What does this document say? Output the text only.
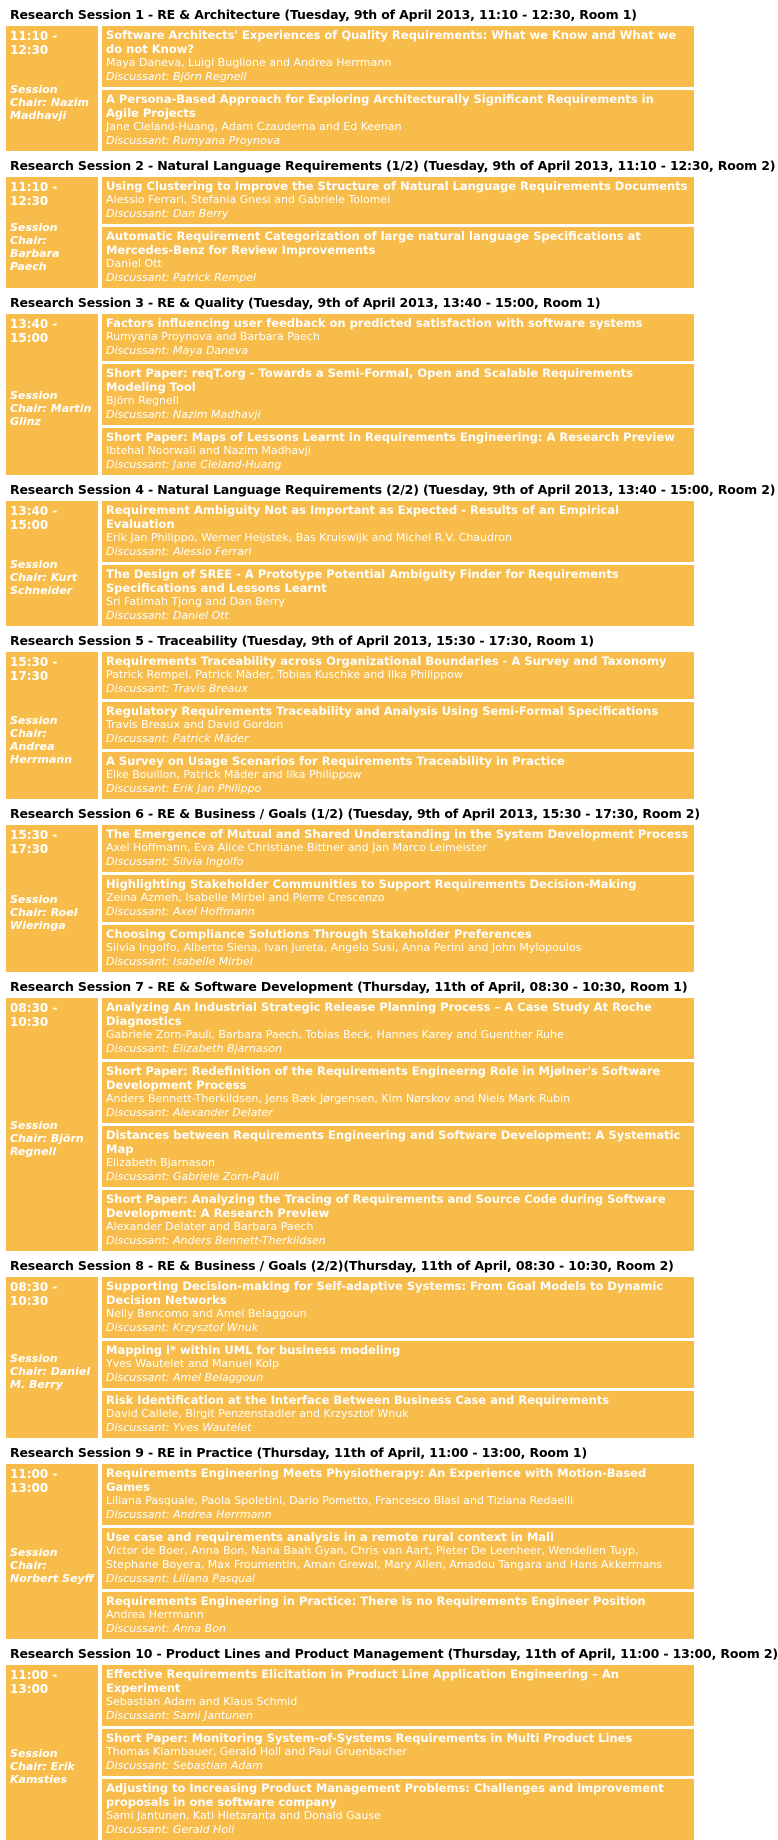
Research Session 1 - RE & Architecture (Tuesday, 9th of April 2013, 11:10 - 12:30, Room 1)
11:10 - 12:30
Session Chair: Nazim Madhavji
Software Architects' Experiences of Quality Requirements: What we Know and What we do not Know?
Maya Daneva, Luigi Buglione and Andrea Herrmann
Discussant: Björn Regnell
A Persona-Based Approach for Exploring Architecturally Significant Requirements in Agile Projects
Jane Cleland-Huang, Adam Czauderna and Ed Keenan
Discussant: Rumyana Proynova
Research Session 2 - Natural Language Requirements (1/2) (Tuesday, 9th of April 2013, 11:10 - 12:30, Room 2)
11:10 - 12:30
Session Chair: Barbara Paech
Using Clustering to Improve the Structure of Natural Language Requirements Documents
Alessio Ferrari, Stefania Gnesi and Gabriele Tolomei
Discussant: Dan Berry
Automatic Requirement Categorization of large natural language Specifications at Mercedes-Benz for Review Improvements
Daniel Ott
Discussant: Patrick Rempel
Research Session 3 - RE & Quality (Tuesday, 9th of April 2013, 13:40 - 15:00, Room 1)
13:40 - 15:00
Session Chair: Martin Glinz
Factors influencing user feedback on predicted satisfaction with software systems
Rumyana Proynova and Barbara Paech
Discussant: Maya Daneva
Short Paper: reqT.org - Towards a Semi-Formal, Open and Scalable Requirements Modeling Tool
Björn Regnell
Discussant: Nazim Madhavji
Short Paper: Maps of Lessons Learnt in Requirements Engineering: A Research Preview
Ibtehal Noorwali and Nazim Madhavji
Discussant: Jane Cleland-Huang
Research Session 4 - Natural Language Requirements (2/2) (Tuesday, 9th of April 2013, 13:40 - 15:00, Room 2)
13:40 - 15:00
Session Chair: Kurt Schneider
Requirement Ambiguity Not as Important as Expected - Results of an Empirical Evaluation
Erik Jan Philippo, Werner Heijstek, Bas Kruiswijk and Michel R.V. Chaudron
Discussant: Alessio Ferrari
The Design of SREE - A Prototype Potential Ambiguity Finder for Requirements Specifications and Lessons Learnt
Sri Fatimah Tjong and Dan Berry
Discussant: Daniel Ott
Research Session 5 - Traceability (Tuesday, 9th of April 2013, 15:30 - 17:30, Room 1)
15:30 - 17:30
Session Chair: Andrea Herrmann
Requirements Traceability across Organizational Boundaries - A Survey and Taxonomy
Patrick Rempel, Patrick Mäder, Tobias Kuschke and Ilka Philippow
Discussant: Travis Breaux
Regulatory Requirements Traceability and Analysis Using Semi-Formal Specifications
Travis Breaux and David Gordon
Discussant: Patrick Mäder
A Survey on Usage Scenarios for Requirements Traceability in Practice
Elke Bouillon, Patrick Mäder and Ilka Philippow
Discussant: Erik Jan Philippo
Research Session 6 - RE & Business / Goals (1/2) (Tuesday, 9th of April 2013, 15:30 - 17:30, Room 2)
15:30 - 17:30
Session Chair: Roel Wieringa
The Emergence of Mutual and Shared Understanding in the System Development Process
Axel Hoffmann, Eva Alice Christiane Bittner and Jan Marco Leimeister
Discussant: Silvia Ingolfo
Highlighting Stakeholder Communities to Support Requirements Decision-Making
Zeina Azmeh, Isabelle Mirbel and Pierre Crescenzo
Discussant: Axel Hoffmann
Choosing Compliance Solutions Through Stakeholder Preferences
Silvia Ingolfo, Alberto Siena, Ivan Jureta, Angelo Susi, Anna Perini and John Mylopoulos
Discussant: Isabelle Mirbel
Research Session 7 - RE & Software Development (Thursday, 11th of April, 08:30 - 10:30, Room 1)
08:30 - 10:30
Session Chair: Björn Regnell
Analyzing An Industrial Strategic Release Planning Process – A Case Study At Roche Diagnostics
Gabriele Zorn-Pauli, Barbara Paech, Tobias Beck, Hannes Karey and Guenther Ruhe
Discussant: Elizabeth Bjarnason
Short Paper: Redefinition of the Requirements Engineerng Role in Mjølner's Software Development Process
Anders Bennett-Therkildsen, Jens Bæk Jørgensen, Kim Nørskov and Niels Mark Rubin
Discussant: Alexander Delater
Distances between Requirements Engineering and Software Development: A Systematic Map
Elizabeth Bjarnason
Discussant: Gabriele Zorn-Pauli
Short Paper: Analyzing the Tracing of Requirements and Source Code during Software Development: A Research Preview
Alexander Delater and Barbara Paech
Discussant: Anders Bennett-Therkildsen
Research Session 8 - RE & Business / Goals (2/2)(Thursday, 11th of April, 08:30 - 10:30, Room 2)
08:30 - 10:30
Session Chair: Daniel M. Berry
Supporting Decision-making for Self-adaptive Systems: From Goal Models to Dynamic Decision Networks
Nelly Bencomo and Amel Belaggoun
Discussant: Krzysztof Wnuk
Mapping i* within UML for business modeling
Yves Wautelet and Manuel Kolp
Discussant: Amel Belaggoun
Risk Identification at the Interface Between Business Case and Requirements
David Callele, Birgit Penzenstadler and Krzysztof Wnuk
Discussant: Yves Wautelet
Research Session 9 - RE in Practice (Thursday, 11th of April, 11:00 - 13:00, Room 1)
11:00 - 13:00
Session Chair: Norbert Seyff
Requirements Engineering Meets Physiotherapy: An Experience with Motion-Based Games
Liliana Pasquale, Paola Spoletini, Dario Pometto, Francesco Blasi and Tiziana Redaelli
Discussant: Andrea Herrmann
Use case and requirements analysis in a remote rural context in Mali
Victor de Boer, Anna Bon, Nana Baah Gyan, Chris van Aart, Pieter De Leenheer, Wendelien Tuyp, Stephane Boyera, Max Froumentin, Aman Grewal, Mary Allen, Amadou Tangara and Hans Akkermans
Discussant: Liliana Pasqual
Requirements Engineering in Practice: There is no Requirements Engineer Position
Andrea Herrmann
Discussant: Anna Bon
Research Session 10 - Product Lines and Product Management (Thursday, 11th of April, 11:00 - 13:00, Room 2)
11:00 - 13:00
Session Chair: Erik Kamsties
Effective Requirements Elicitation in Product Line Application Engineering – An Experiment
Sebastian Adam and Klaus Schmid
Discussant: Sami Jantunen
Short Paper: Monitoring System-of-Systems Requirements in Multi Product Lines
Thomas Klambauer, Gerald Holl and Paul Gruenbacher
Discussant: Sebastian Adam
Adjusting to Increasing Product Management Problems: Challenges and improvement proposals in one software company
Sami Jantunen, Kati Hietaranta and Donald Gause
Discussant: Gerald Holl
